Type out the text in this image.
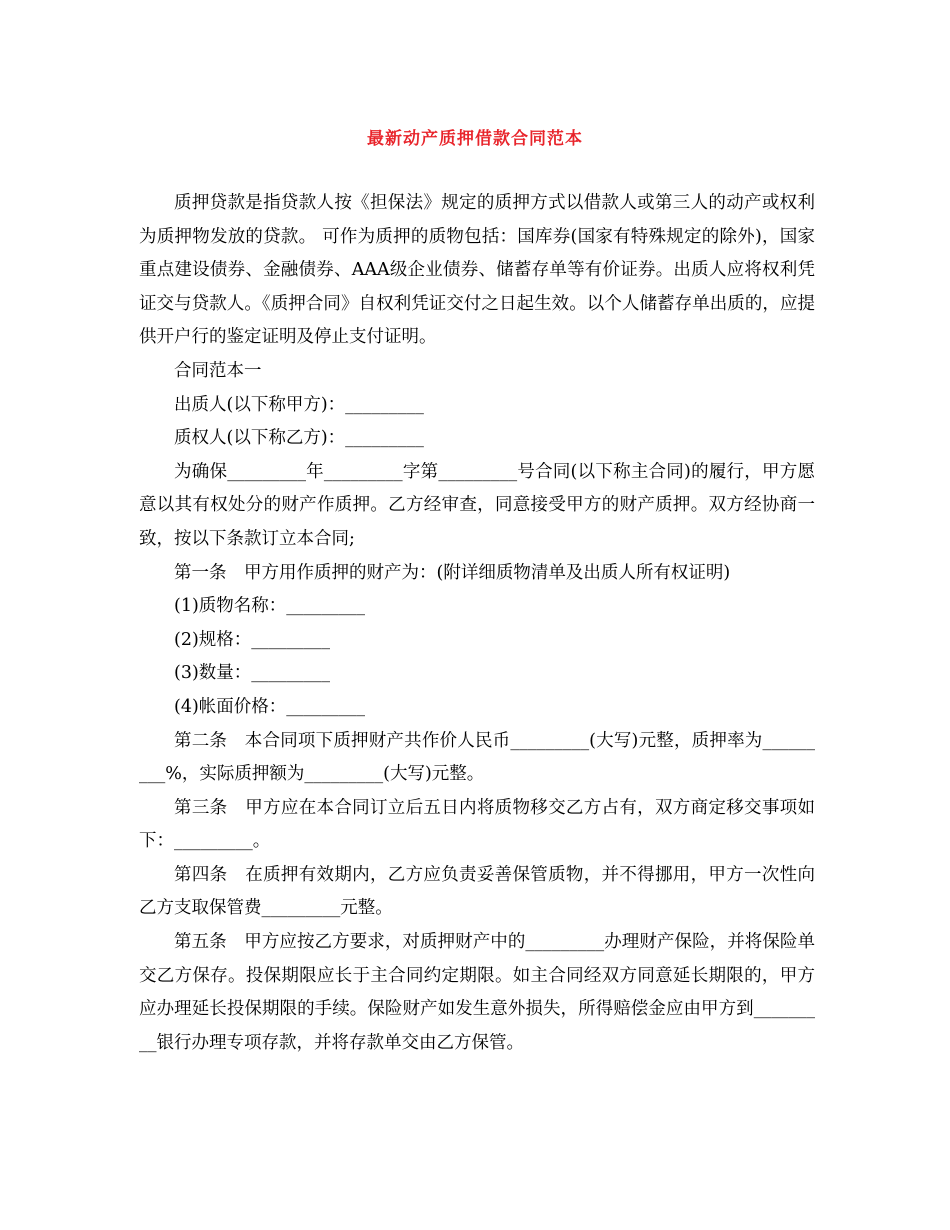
最新动产质押借款合同范本

质押贷款是指贷款人按《担保法》规定的质押方式以借款人或第三人的动产或权利为质押物发放的贷款。 可作为质押的质物包括：国库券(国家有特殊规定的除外)，国家重点建设债券、金融债券、AAA级企业债券、储蓄存单等有价证券。出质人应将权利凭证交与贷款人。《质押合同》自权利凭证交付之日起生效。以个人储蓄存单出质的，应提供开户行的鉴定证明及停止支付证明。

合同范本一

出质人(以下称甲方)：_________

质权人(以下称乙方)：_________

为确保_________年_________字第_________号合同(以下称主合同)的履行，甲方愿意以其有权处分的财产作质押。乙方经审查，同意接受甲方的财产质押。双方经协商一致，按以下条款订立本合同;

第一条　甲方用作质押的财产为：(附详细质物清单及出质人所有权证明)

(1)质物名称：_________

(2)规格：_________

(3)数量：_________

(4)帐面价格：_________

第二条　本合同项下质押财产共作价人民币_________(大写)元整，质押率为_________%，实际质押额为_________(大写)元整。

第三条　甲方应在本合同订立后五日内将质物移交乙方占有，双方商定移交事项如下：_________。

第四条　在质押有效期内，乙方应负责妥善保管质物，并不得挪用，甲方一次性向乙方支取保管费_________元整。

第五条　甲方应按乙方要求，对质押财产中的_________办理财产保险，并将保险单交乙方保存。投保期限应长于主合同约定期限。如主合同经双方同意延长期限的，甲方应办理延长投保期限的手续。保险财产如发生意外损失，所得赔偿金应由甲方到_________银行办理专项存款，并将存款单交由乙方保管。
